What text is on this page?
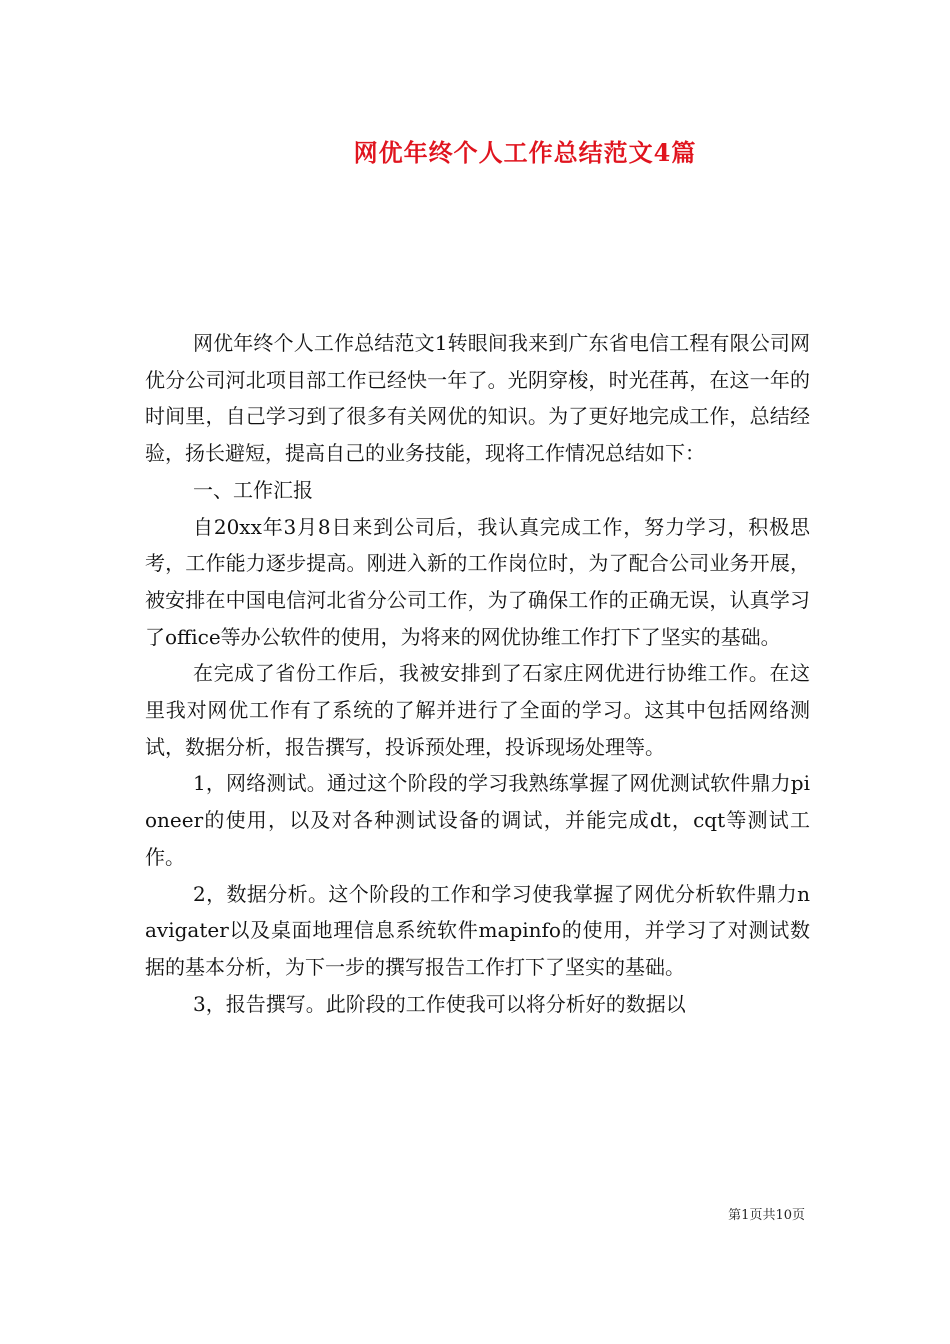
网优年终个人工作总结范文4篇

网优年终个人工作总结范文1转眼间我来到广东省电信工程有限公司网优分公司河北项目部工作已经快一年了。光阴穿梭，时光荏苒，在这一年的时间里，自己学习到了很多有关网优的知识。为了更好地完成工作，总结经验，扬长避短，提高自己的业务技能，现将工作情况总结如下：

一、工作汇报

自20xx年3月8日来到公司后，我认真完成工作，努力学习，积极思考，工作能力逐步提高。刚进入新的工作岗位时，为了配合公司业务开展，被安排在中国电信河北省分公司工作，为了确保工作的正确无误，认真学习了office等办公软件的使用，为将来的网优协维工作打下了坚实的基础。

在完成了省份工作后，我被安排到了石家庄网优进行协维工作。在这里我对网优工作有了系统的了解并进行了全面的学习。这其中包括网络测试，数据分析，报告撰写，投诉预处理，投诉现场处理等。

1，网络测试。通过这个阶段的学习我熟练掌握了网优测试软件鼎力pioneer的使用，以及对各种测试设备的调试，并能完成dt，cqt等测试工作。

2，数据分析。这个阶段的工作和学习使我掌握了网优分析软件鼎力navigater以及桌面地理信息系统软件mapinfo的使用，并学习了对测试数据的基本分析，为下一步的撰写报告工作打下了坚实的基础。

3，报告撰写。此阶段的工作使我可以将分析好的数据以

第1页共10页
